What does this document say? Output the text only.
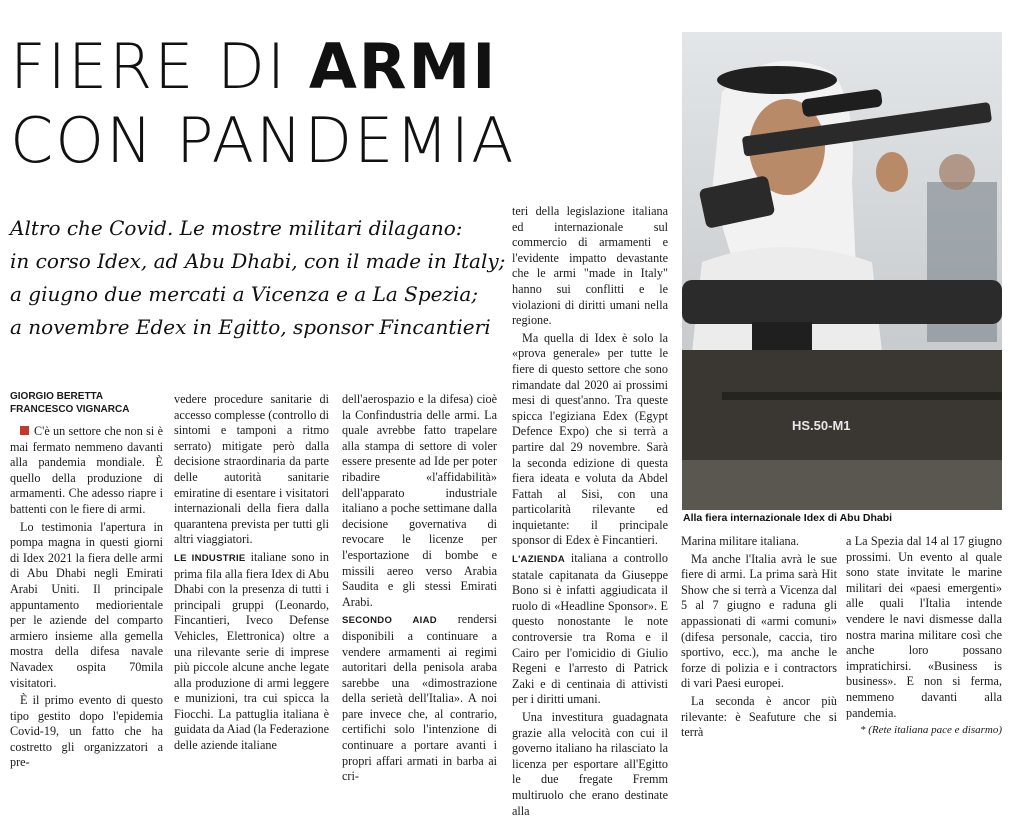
FIERE DI ARMI
CON PANDEMIA
Altro che Covid. Le mostre militari dilagano:
in corso Idex, ad Abu Dhabi, con il made in Italy;
a giugno due mercati a Vicenza e a La Spezia;
a novembre Edex in Egitto, sponsor Fincantieri
GIORGIO BERETTA
FRANCESCO VIGNARCA

C'è un settore che non si è mai fermato nemmeno davanti alla pandemia mondiale. È quello della produzione di armamenti. Che adesso riapre i battenti con le fiere di armi.

Lo testimonia l'apertura in pompa magna in questi giorni di Idex 2021 la fiera delle armi di Abu Dhabi negli Emirati Arabi Uniti. Il principale appuntamento mediorientale per le aziende del comparto armiero insieme alla gemella mostra della difesa navale Navadex ospita 70mila visitatori.

È il primo evento di questo tipo gestito dopo l'epidemia Covid-19, un fatto che ha costretto gli organizzatori a pre-

vedere procedure sanitarie di accesso complesse (controllo di sintomi e tamponi a ritmo serrato) mitigate però dalla decisione straordinaria da parte delle autorità sanitarie emiratine di esentare i visitatori internazionali della fiera dalla quarantena prevista per tutti gli altri viaggiatori.

LE INDUSTRIE italiane sono in prima fila alla fiera Idex di Abu Dhabi con la presenza di tutti i principali gruppi (Leonardo, Fincantieri, Iveco Defense Vehicles, Elettronica) oltre a una rilevante serie di imprese più piccole alcune anche legate alla produzione di armi leggere e munizioni, tra cui spicca la Fiocchi. La pattuglia italiana è guidata da Aiad (la Federazione delle aziende italiane

dell'aerospazio e la difesa) cioè la Confindustria delle armi. La quale avrebbe fatto trapelare alla stampa di settore di voler essere presente ad Ide per poter ribadire «l'affidabilità» dell'apparato industriale italiano a poche settimane dalla decisione governativa di revocare le licenze per l'esportazione di bombe e missili aereo verso Arabia Saudita e gli stessi Emirati Arabi.

SECONDO AIAD rendersi disponibili a continuare a vendere armamenti ai regimi autoritari della penisola araba sarebbe una «dimostrazione della serietà dell'Italia». A noi pare invece che, al contrario, certifichi solo l'intenzione di continuare a portare avanti i propri affari armati in barba ai cri-

teri della legislazione italiana ed internazionale sul commercio di armamenti e l'evidente impatto devastante che le armi "made in Italy" hanno sui conflitti e le violazioni di diritti umani nella regione.

Ma quella di Idex è solo la «prova generale» per tutte le fiere di questo settore che sono rimandate dal 2020 ai prossimi mesi di quest'anno. Tra queste spicca l'egiziana Edex (Egypt Defence Expo) che si terrà a partire dal 29 novembre. Sarà la seconda edizione di questa fiera ideata e voluta da Abdel Fattah al Sisi, con una particolarità rilevante ed inquietante: il principale sponsor di Edex è Fincantieri.

L'AZIENDA italiana a controllo statale capitanata da Giuseppe Bono si è infatti aggiudicata il ruolo di «Headline Sponsor». E questo nonostante le note controversie tra Roma e il Cairo per l'omicidio di Giulio Regeni e l'arresto di Patrick Zaki e di centinaia di attivisti per i diritti umani.

Una investitura guadagnata grazie alla velocità con cui il governo italiano ha rilasciato la licenza per esportare all'Egitto le due fregate Fremm multiruolo che erano destinate alla

Marina militare italiana.

Ma anche l'Italia avrà le sue fiere di armi. La prima sarà Hit Show che si terrà a Vicenza dal 5 al 7 giugno e raduna gli appassionati di «armi comuni» (difesa personale, caccia, tiro sportivo, ecc.), ma anche le forze di polizia e i contractors di vari Paesi europei.

La seconda è ancor più rilevante: è Seafuture che si terrà

a La Spezia dal 14 al 17 giugno prossimi. Un evento al quale sono state invitate le marine militari dei «paesi emergenti» alle quali l'Italia intende vendere le navi dismesse dalla nostra marina militare così che anche loro possano impratichirsi. «Business is business». E non si ferma, nemmeno davanti alla pandemia.

* (Rete italiana pace e disarmo)

HS.50-M1
Alla fiera internazionale Idex di Abu Dhabi
